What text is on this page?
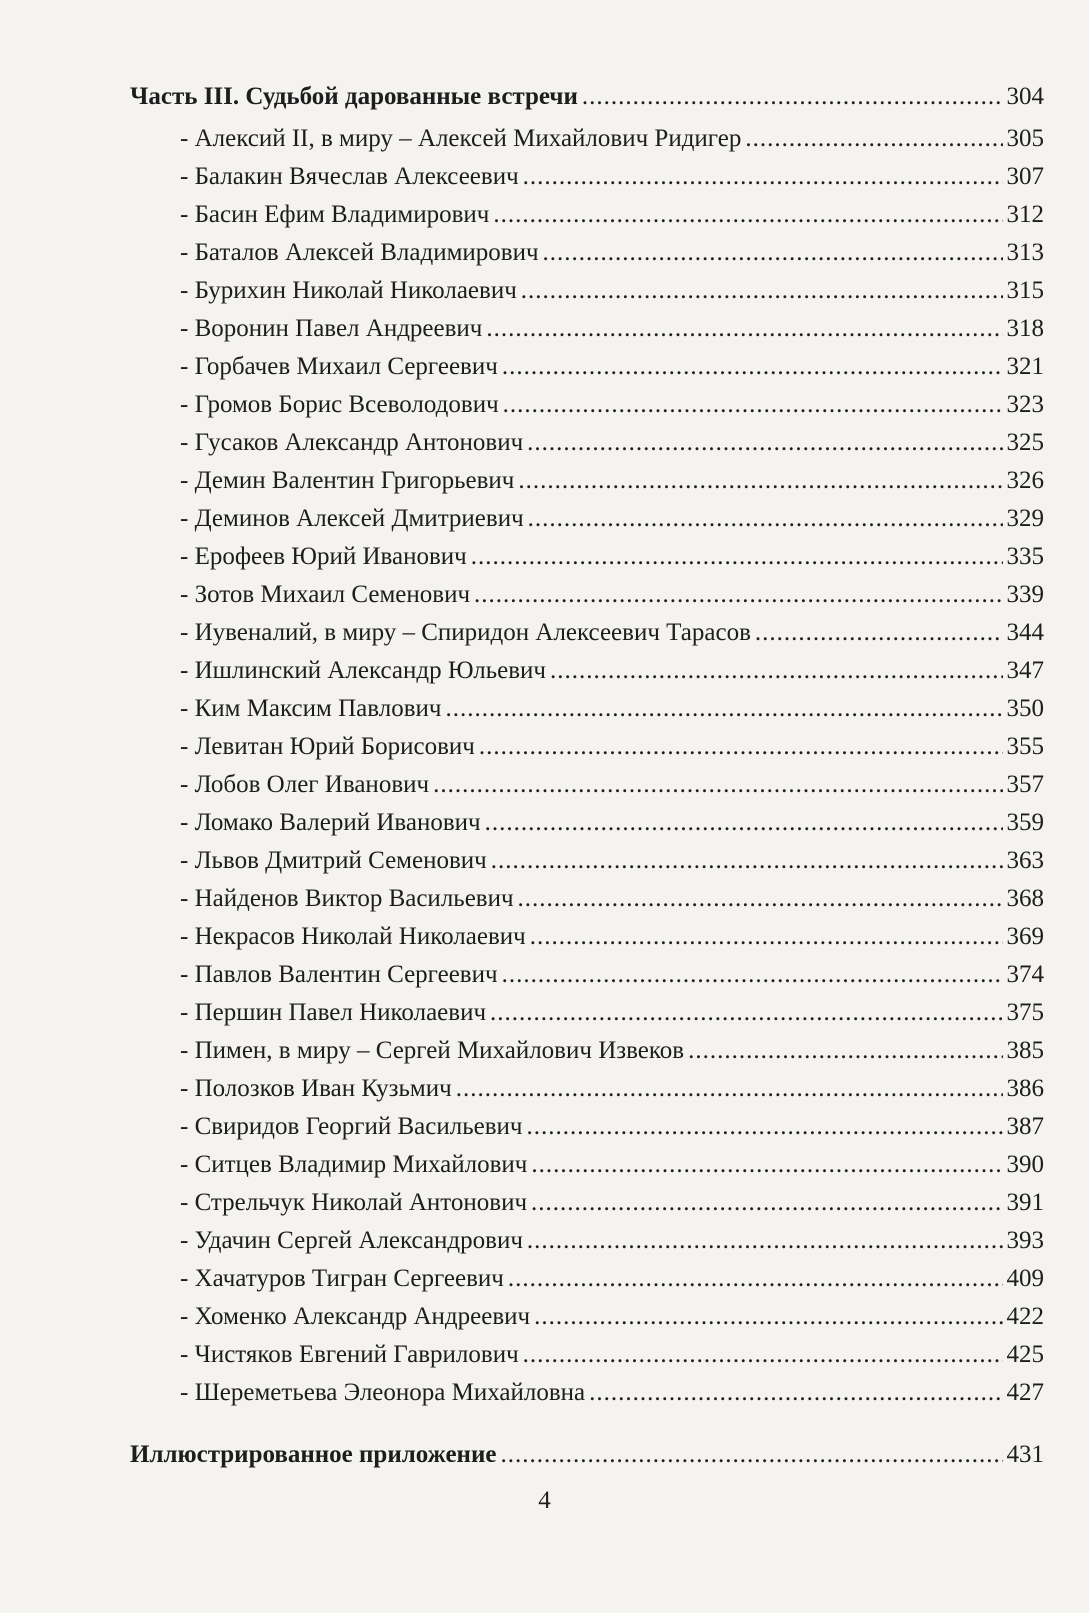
Часть III. Судьбой дарованные встречи .....	304
- Алексий II, в миру – Алексей Михайлович Ридигер .....	305
- Балакин Вячеслав Алексеевич .....	307
- Басин Ефим Владимирович .....	312
- Баталов Алексей Владимирович .....	313
- Бурихин Николай Николаевич .....	315
- Воронин Павел Андреевич .....	318
- Горбачев Михаил Сергеевич .....	321
- Громов Борис Всеволодович .....	323
- Гусаков Александр Антонович .....	325
- Демин Валентин Григорьевич .....	326
- Деминов Алексей Дмитриевич .....	329
- Ерофеев Юрий Иванович .....	335
- Зотов Михаил Семенович .....	339
- Иувеналий, в миру – Спиридон Алексеевич Тарасов .....	344
- Ишлинский Александр Юльевич .....	347
- Ким Максим Павлович .....	350
- Левитан Юрий Борисович .....	355
- Лобов Олег Иванович .....	357
- Ломако Валерий Иванович .....	359
- Львов Дмитрий Семенович .....	363
- Найденов Виктор Васильевич .....	368
- Некрасов Николай Николаевич .....	369
- Павлов Валентин Сергеевич .....	374
- Першин Павел Николаевич .....	375
- Пимен, в миру – Сергей Михайлович Извеков .....	385
- Полозков Иван Кузьмич .....	386
- Свиридов Георгий Васильевич .....	387
- Ситцев Владимир Михайлович .....	390
- Стрельчук Николай Антонович .....	391
- Удачин Сергей Александрович .....	393
- Хачатуров Тигран Сергеевич .....	409
- Хоменко Александр Андреевич .....	422
- Чистяков Евгений Гаврилович .....	425
- Шереметьева Элеонора Михайловна .....	427
Иллюстрированное приложение .....	431
4
